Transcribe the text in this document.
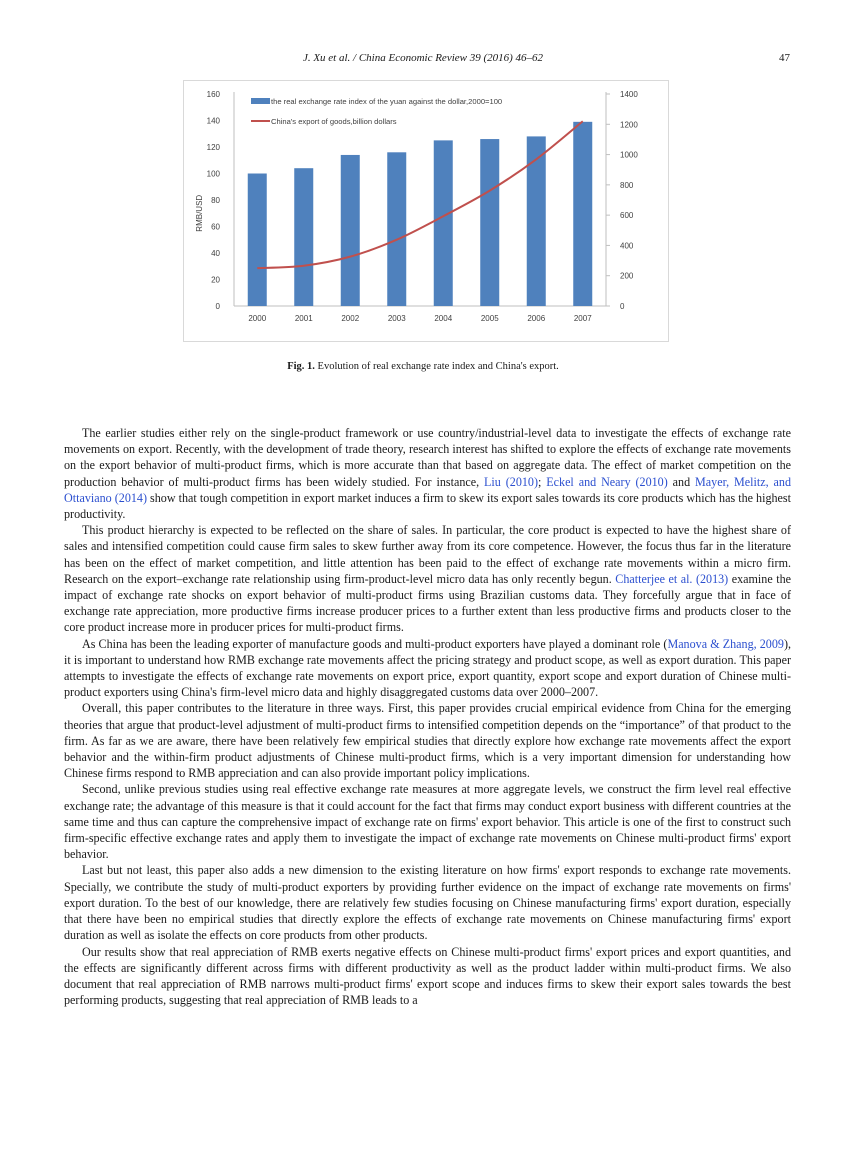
J. Xu et al. / China Economic Review 39 (2016) 46–62	47
0
20
40
60
80
100
120
140
160
0
200
400
600
800
1000
1200
1400
RMB/USD
2000	2001	2002	2003	2004	2005	2006	2007
the real exchange rate index of the yuan against the dollar,2000=100
China's export of goods,billion dollars
Fig. 1. Evolution of real exchange rate index and China's export.

The earlier studies either rely on the single-product framework or use country/industrial-level data to investigate the effects of exchange rate movements on export. Recently, with the development of trade theory, research interest has shifted to explore the effects of exchange rate movements on the export behavior of multi-product firms, which is more accurate than that based on aggregate data. The effect of market competition on the production behavior of multi-product firms has been widely studied. For instance, Liu (2010); Eckel and Neary (2010) and Mayer, Melitz, and Ottaviano (2014) show that tough competition in export market induces a firm to skew its export sales towards its core products which has the highest productivity.

This product hierarchy is expected to be reflected on the share of sales. In particular, the core product is expected to have the highest share of sales and intensified competition could cause firm sales to skew further away from its core competence. However, the focus thus far in the literature has been on the effect of market competition, and little attention has been paid to the effect of exchange rate movements within a micro firm. Research on the export–exchange rate relationship using firm-product-level micro data has only recently begun. Chatterjee et al. (2013) examine the impact of exchange rate shocks on export behavior of multi-product firms using Brazilian customs data. They forcefully argue that in face of exchange rate appreciation, more productive firms increase producer prices to a further extent than less productive firms and products closer to the core product increase more in producer prices for multi-product firms.

As China has been the leading exporter of manufacture goods and multi-product exporters have played a dominant role (Manova & Zhang, 2009), it is important to understand how RMB exchange rate movements affect the pricing strategy and product scope, as well as export duration. This paper attempts to investigate the effects of exchange rate movements on export price, export quantity, export scope and export duration of Chinese multi-product exporters using China's firm-level micro data and highly disaggregated customs data over 2000–2007.

Overall, this paper contributes to the literature in three ways. First, this paper provides crucial empirical evidence from China for the emerging theories that argue that product-level adjustment of multi-product firms to intensified competition depends on the “importance” of that product to the firm. As far as we are aware, there have been relatively few empirical studies that directly explore how exchange rate movements affect the export behavior and the within-firm product adjustments of Chinese multi-product firms, which is a very important dimension for understanding how Chinese firms respond to RMB appreciation and can also provide important policy implications.

Second, unlike previous studies using real effective exchange rate measures at more aggregate levels, we construct the firm level real effective exchange rate; the advantage of this measure is that it could account for the fact that firms may conduct export business with different countries at the same time and thus can capture the comprehensive impact of exchange rate on firms' export behavior. This article is one of the first to construct such firm-specific effective exchange rates and apply them to investigate the impact of exchange rate movements on Chinese multi-product firms' export behavior.

Last but not least, this paper also adds a new dimension to the existing literature on how firms' export responds to exchange rate movements. Specially, we contribute the study of multi-product exporters by providing further evidence on the impact of exchange rate movements on firms' export duration. To the best of our knowledge, there are relatively few studies focusing on Chinese manufacturing firms' export duration, especially that there have been no empirical studies that directly explore the effects of exchange rate movements on Chinese manufacturing firms' export duration as well as isolate the effects on core products from other products.

Our results show that real appreciation of RMB exerts negative effects on Chinese multi-product firms' export prices and export quantities, and the effects are significantly different across firms with different productivity as well as the product ladder within multi-product firms. We also document that real appreciation of RMB narrows multi-product firms' export scope and induces firms to skew their export sales towards the best performing products, suggesting that real appreciation of RMB leads to a
